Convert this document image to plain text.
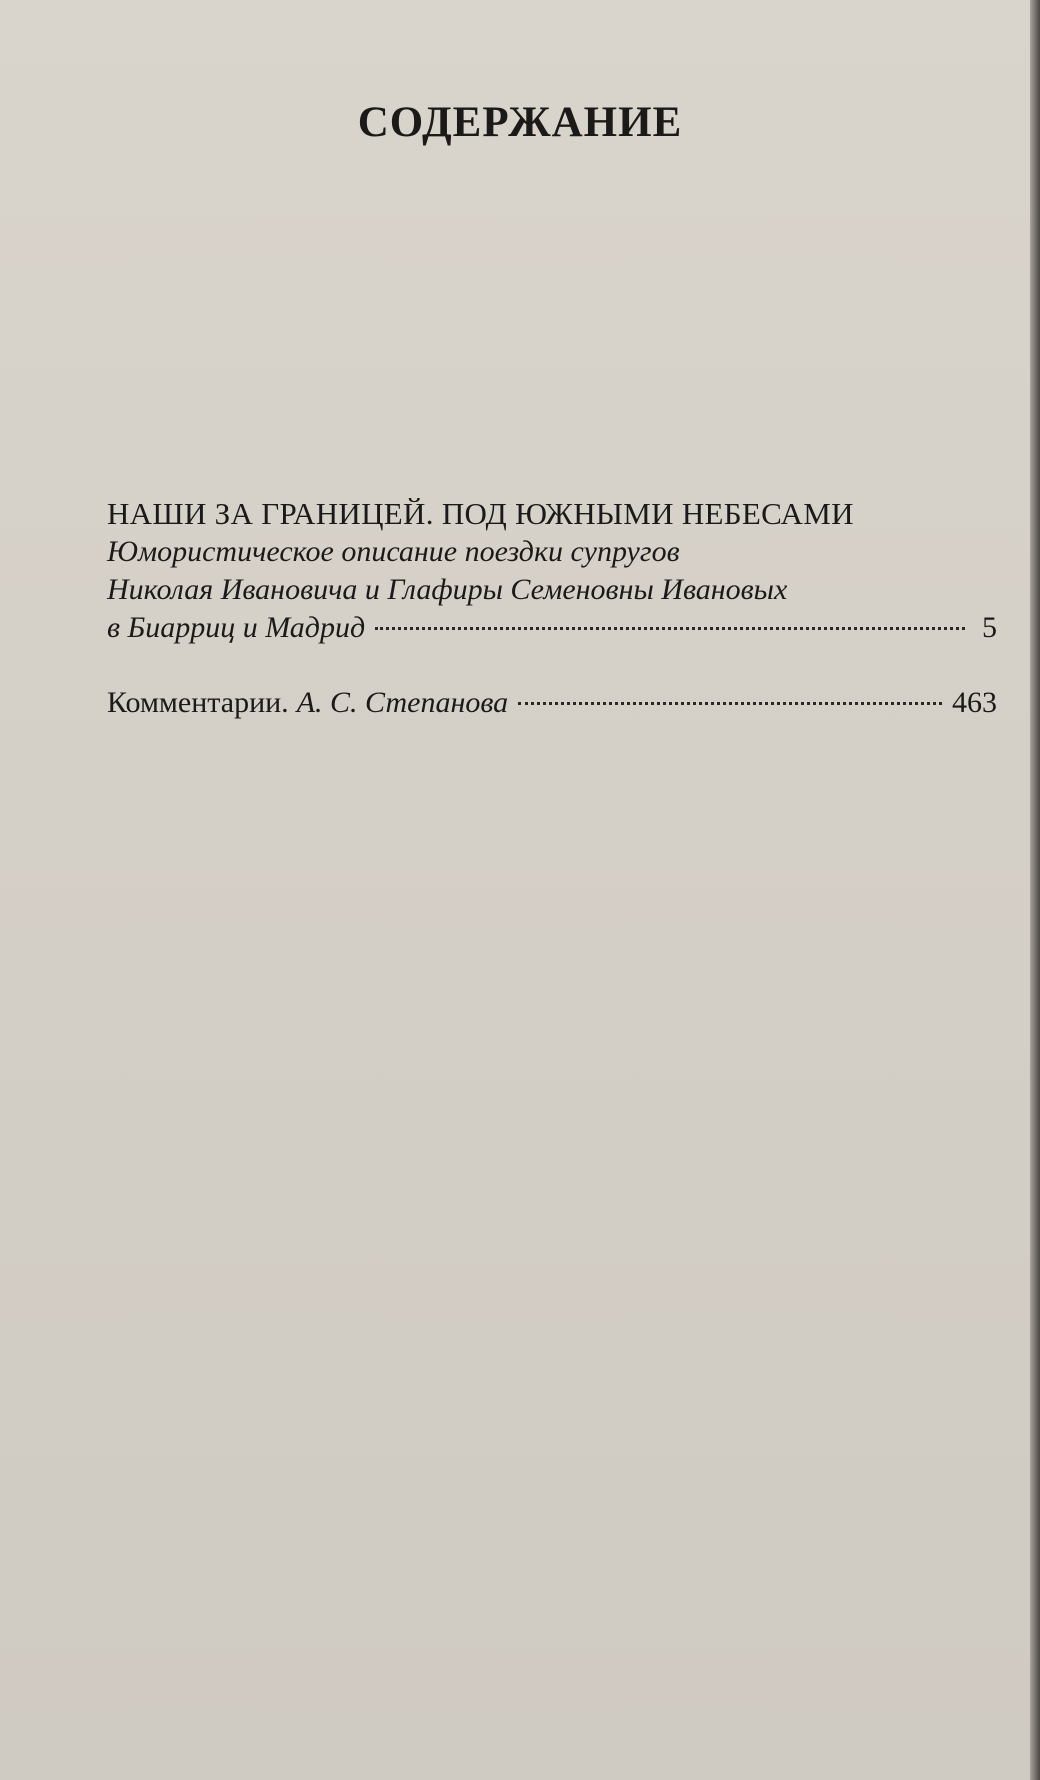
СОДЕРЖАНИЕ
НАШИ ЗА ГРАНИЦЕЙ. ПОД ЮЖНЫМИ НЕБЕСАМИ
Юмористическое описание поездки супругов
Николая Ивановича и Глафиры Семеновны Ивановых
в Биарриц и Мадрид	5
Комментарии. А. С. Степанова	463
